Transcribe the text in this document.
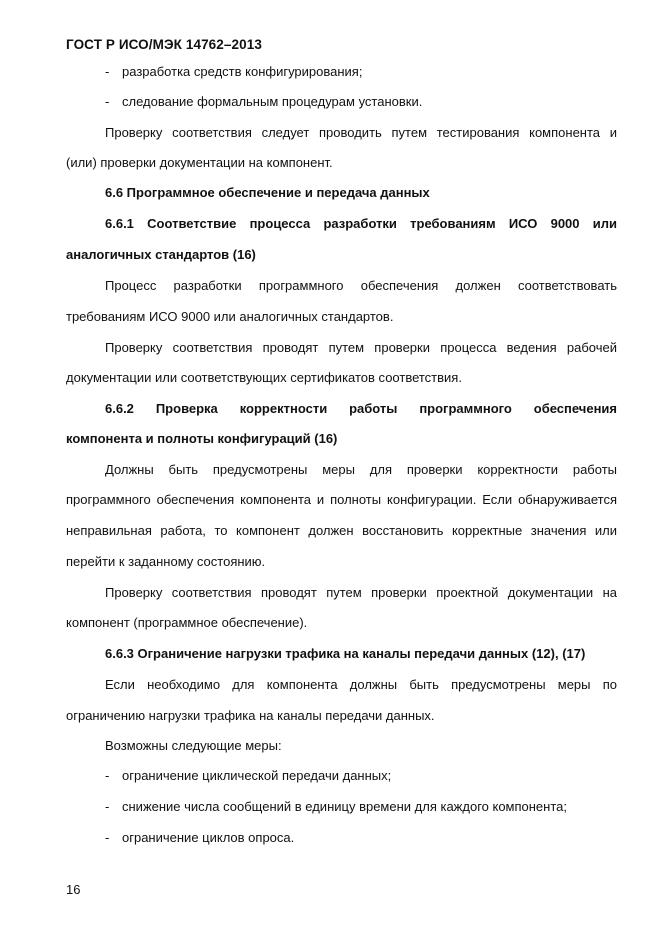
ГОСТ Р ИСО/МЭК 14762–2013
- разработка средств конфигурирования;
- следование формальным процедурам установки.
Проверку соответствия следует проводить путем тестирования компонента и
(или) проверки документации на компонент.
6.6 Программное обеспечение и передача данных
6.6.1 Соответствие процесса разработки требованиям ИСО 9000 или
аналогичных стандартов (16)
Процесс разработки программного обеспечения должен соответствовать
требованиям ИСО 9000 или аналогичных стандартов.
Проверку соответствия проводят путем проверки процесса ведения рабочей
документации или соответствующих сертификатов соответствия.
6.6.2 Проверка корректности работы программного обеспечения
компонента и полноты конфигураций (16)
Должны быть предусмотрены меры для проверки корректности работы
программного обеспечения компонента и полноты конфигурации. Если обнаруживается
неправильная работа, то компонент должен восстановить корректные значения или
перейти к заданному состоянию.
Проверку соответствия проводят путем проверки проектной документации на
компонент (программное обеспечение).
6.6.3 Ограничение нагрузки трафика на каналы передачи данных (12), (17)
Если необходимо для компонента должны быть предусмотрены меры по
ограничению нагрузки трафика на каналы передачи данных.
Возможны следующие меры:
- ограничение циклической передачи данных;
- снижение числа сообщений в единицу времени для каждого компонента;
- ограничение циклов опроса.
16
